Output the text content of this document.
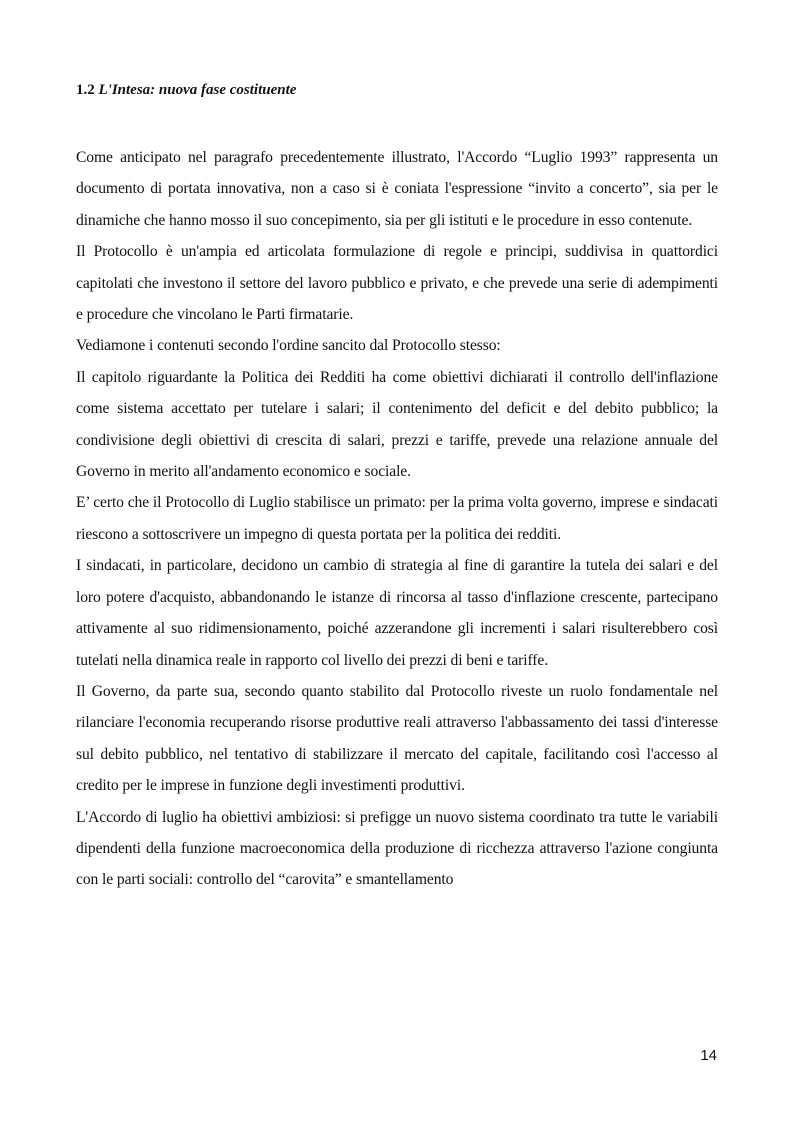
1.2 L'Intesa: nuova fase costituente

Come anticipato nel paragrafo precedentemente illustrato, l'Accordo “Luglio 1993” rappresenta un documento di portata innovativa, non a caso si è coniata l'espressione “invito a concerto”, sia per le dinamiche che hanno mosso il suo concepimento, sia per gli istituti e le procedure in esso contenute.

Il Protocollo è un'ampia ed articolata formulazione di regole e principi, suddivisa in quattordici capitolati che investono il settore del lavoro pubblico e privato, e che prevede una serie di adempimenti e procedure che vincolano le Parti firmatarie.

Vediamone i contenuti secondo l'ordine sancito dal Protocollo stesso:

Il capitolo riguardante la Politica dei Redditi ha come obiettivi dichiarati il controllo dell'inflazione come sistema accettato per tutelare i salari; il contenimento del deficit e del debito pubblico; la condivisione degli obiettivi di crescita di salari, prezzi e tariffe, prevede una relazione annuale del Governo in merito all'andamento economico e sociale.

E’ certo che il Protocollo di Luglio stabilisce un primato: per la prima volta governo, imprese e sindacati riescono a sottoscrivere un impegno di questa portata per la politica dei redditi.

I sindacati, in particolare, decidono un cambio di strategia al fine di garantire la tutela dei salari e del loro potere d'acquisto, abbandonando le istanze di rincorsa al tasso d'inflazione crescente, partecipano attivamente al suo ridimensionamento, poiché azzerandone gli incrementi i salari risulterebbero così tutelati nella dinamica reale in rapporto col livello dei prezzi di beni e tariffe.

Il Governo, da parte sua, secondo quanto stabilito dal Protocollo riveste un ruolo fondamentale nel rilanciare l'economia recuperando risorse produttive reali attraverso l'abbassamento dei tassi d'interesse sul debito pubblico, nel tentativo di stabilizzare il mercato del capitale, facilitando così l'accesso al credito per le imprese in funzione degli investimenti produttivi.

L'Accordo di luglio ha obiettivi ambiziosi: si prefigge un nuovo sistema coordinato tra tutte le variabili dipendenti della funzione macroeconomica della produzione di ricchezza attraverso l'azione congiunta con le parti sociali: controllo del “carovita” e smantellamento

14
